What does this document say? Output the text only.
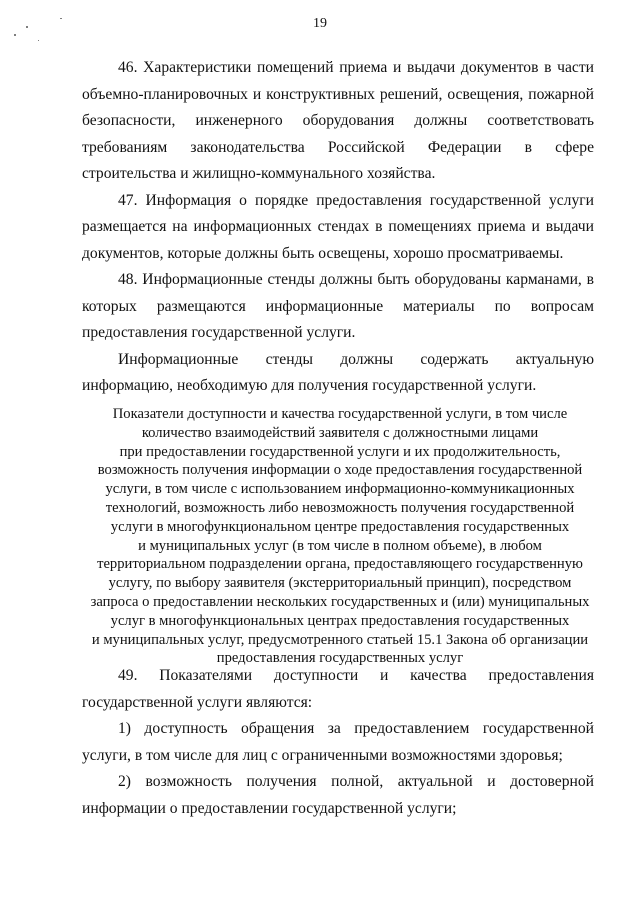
19

46. Характеристики помещений приема и выдачи документов в части объемно-планировочных и конструктивных решений, освещения, пожарной безопасности, инженерного оборудования должны соответствовать требованиям законодательства Российской Федерации в сфере строительства и жилищно-коммунального хозяйства.

47. Информация о порядке предоставления государственной услуги размещается на информационных стендах в помещениях приема и выдачи документов, которые должны быть освещены, хорошо просматриваемы.

48. Информационные стенды должны быть оборудованы карманами, в которых размещаются информационные материалы по вопросам предоставления государственной услуги.

Информационные стенды должны содержать актуальную информацию, необходимую для получения государственной услуги.

Показатели доступности и качества государственной услуги, в том числе
количество взаимодействий заявителя с должностными лицами
при предоставлении государственной услуги и их продолжительность,
возможность получения информации о ходе предоставления государственной
услуги, в том числе с использованием информационно-коммуникационных
технологий, возможность либо невозможность получения государственной
услуги в многофункциональном центре предоставления государственных
и муниципальных услуг (в том числе в полном объеме), в любом
территориальном подразделении органа, предоставляющего государственную
услугу, по выбору заявителя (экстерриториальный принцип), посредством
запроса о предоставлении нескольких государственных и (или) муниципальных
услуг в многофункциональных центрах предоставления государственных
и муниципальных услуг, предусмотренного статьей 15.1 Закона об организации
предоставления государственных услуг

49. Показателями доступности и качества предоставления государственной услуги являются:

1) доступность обращения за предоставлением государственной услуги, в том числе для лиц с ограниченными возможностями здоровья;

2) возможность получения полной, актуальной и достоверной информации о предоставлении государственной услуги;
